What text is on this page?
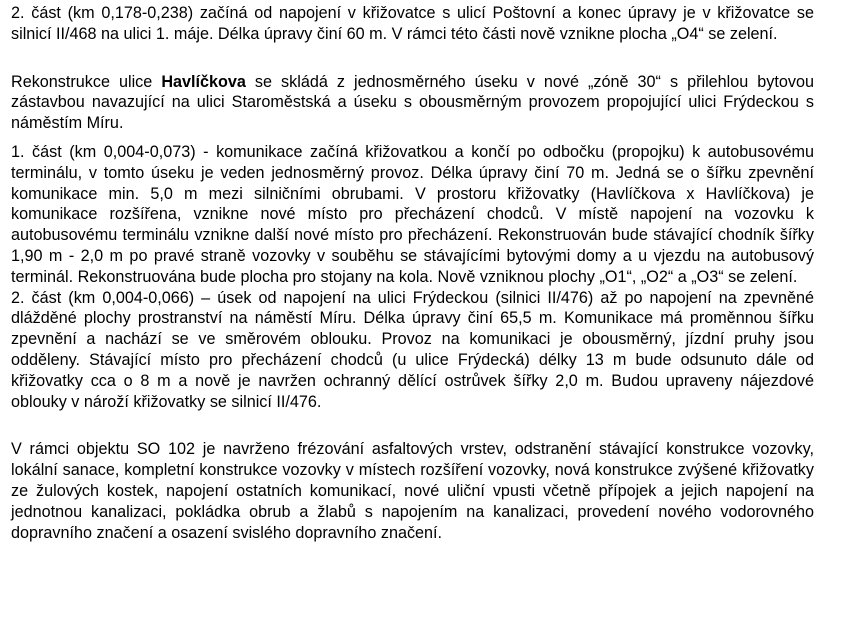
2. část (km 0,178-0,238) začíná od napojení v křižovatce s ulicí Poštovní a konec úpravy je v křižovatce se silnicí II/468 na ulici 1. máje. Délka úpravy činí 60 m. V rámci této části nově vznikne plocha „O4“ se zelení.

Rekonstrukce ulice Havlíčkova se skládá z jednosměrného úseku v nové „zóně 30“ s přilehlou bytovou zástavbou navazující na ulici Staroměstská a úseku s obousměrným provozem propojující ulici Frýdeckou s náměstím Míru.

1. část (km 0,004-0,073) - komunikace začíná křižovatkou a končí po odbočku (propojku) k autobusovému terminálu, v tomto úseku je veden jednosměrný provoz. Délka úpravy činí 70 m. Jedná se o šířku zpevnění komunikace min. 5,0 m mezi silničními obrubami. V prostoru křižovatky (Havlíčkova x Havlíčkova) je komunikace rozšířena, vznikne nové místo pro přecházení chodců. V místě napojení na vozovku k autobusovému terminálu vznikne další nové místo pro přecházení. Rekonstruován bude stávající chodník šířky 1,90 m - 2,0 m po pravé straně vozovky v souběhu se stávajícími bytovými domy a u vjezdu na autobusový terminál. Rekonstruována bude plocha pro stojany na kola. Nově vzniknou plochy „O1“, „O2“ a „O3“ se zelení.

2. část (km 0,004-0,066) – úsek od napojení na ulici Frýdeckou (silnici II/476) až po napojení na zpevněné dlážděné plochy prostranství na náměstí Míru. Délka úpravy činí 65,5 m. Komunikace má proměnnou šířku zpevnění a nachází se ve směrovém oblouku. Provoz na komunikaci je obousměrný, jízdní pruhy jsou odděleny. Stávající místo pro přecházení chodců (u ulice Frýdecká) délky 13 m bude odsunuto dále od křižovatky cca o 8 m a nově je navržen ochranný dělící ostrůvek šířky 2,0 m. Budou upraveny nájezdové oblouky v nároží křižovatky se silnicí II/476.

V rámci objektu SO 102 je navrženo frézování asfaltových vrstev, odstranění stávající konstrukce vozovky, lokální sanace, kompletní konstrukce vozovky v místech rozšíření vozovky, nová konstrukce zvýšené křižovatky ze žulových kostek, napojení ostatních komunikací, nové uliční vpusti včetně přípojek a jejich napojení na jednotnou kanalizaci, pokládka obrub a žlabů s napojením na kanalizaci, provedení nového vodorovného dopravního značení a osazení svislého dopravního značení.
